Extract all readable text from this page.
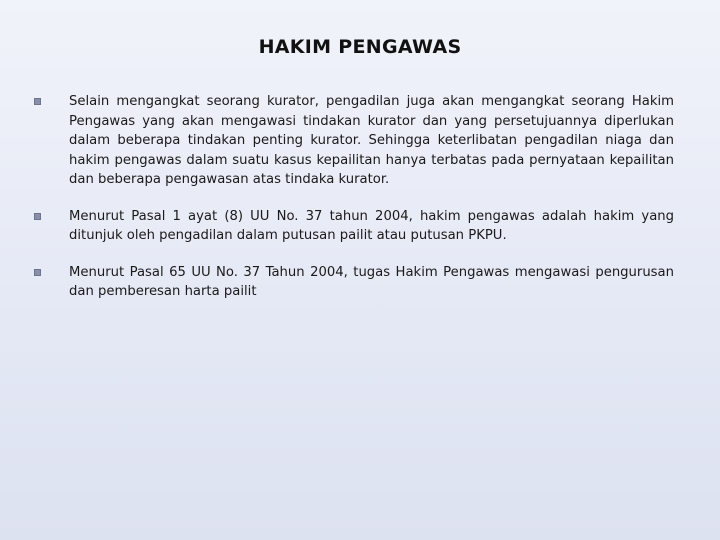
HAKIM PENGAWAS
Selain mengangkat seorang kurator, pengadilan juga akan mengangkat seorang Hakim Pengawas yang akan mengawasi tindakan kurator dan yang persetujuannya diperlukan dalam beberapa tindakan penting kurator. Sehingga keterlibatan pengadilan niaga dan hakim pengawas dalam suatu kasus kepailitan hanya terbatas pada pernyataan kepailitan dan beberapa pengawasan atas tindaka kurator.
Menurut Pasal 1 ayat (8) UU No. 37 tahun 2004, hakim pengawas adalah hakim yang ditunjuk oleh pengadilan dalam putusan pailit atau putusan PKPU.
Menurut Pasal 65 UU No. 37 Tahun 2004, tugas Hakim Pengawas mengawasi pengurusan dan pemberesan harta pailit
